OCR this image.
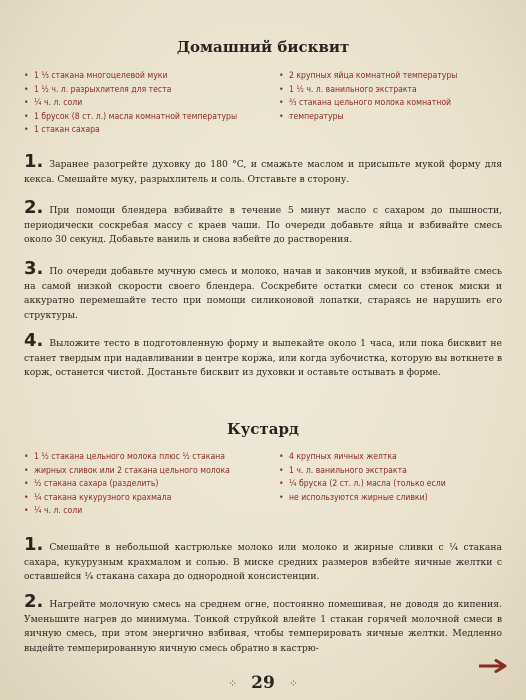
Домашний бисквит
• 1 ⅓ стакана многоцелевой муки
• 1 ½ ч. л. разрыхлителя для теста
• ¼ ч. л. соли
• 1 брусок (8 ст. л.) масла комнатной температуры
• 1 стакан сахара
• 2 крупных яйца комнатной температуры
• 1 ½ ч. л. ванильного экстракта
• ⅔ стакана цельного молока комнатной
• температуры

1. Заранее разогрейте духовку до 180 °C, и смажьте маслом и присыпьте мукой форму для кекса. Смешайте муку, разрыхлитель и соль. Отставьте в сторону.

2. При помощи блендера взбивайте в течение 5 минут масло с сахаром до пышности, периодически соскребая массу с краев чаши. По очереди добавьте яйца и взбивайте смесь около 30 секунд. Добавьте ваниль и снова взбейте до растворения.

3. По очереди добавьте мучную смесь и молоко, начав и закончив мукой, и взбивайте смесь на самой низкой скорости своего блендера. Соскребите остатки смеси со стенок миски и аккуратно перемешайте тесто при помощи силиконовой лопатки, стараясь не нарушить его структуры.

4. Выложите тесто в подготовленную форму и выпекайте около 1 часа, или пока бисквит не станет твердым при надавливании в центре коржа, или когда зубочистка, которую вы воткнете в корж, останется чистой. Достаньте бисквит из духовки и оставьте остывать в форме.

Кустард
• 1 ½ стакана цельного молока плюс ½ стакана
• жирных сливок или 2 стакана цельного молока
• ½ стакана сахара (разделить)
• ¼ стакана кукурузного крахмала
• ¼ ч. л. соли
• 4 крупных яичных желтка
• 1 ч. л. ванильного экстракта
• ¼ бруска (2 ст. л.) масла (только если
• не используются жирные сливки)

1. Смешайте в небольшой кастрюльке молоко или молоко и жирные сливки с ¼ стакана сахара, кукурузным крахмалом и солью. В миске средних размеров взбейте яичные желтки с оставшейся ¼ стакана сахара до однородной консистенции.

2. Нагрейте молочную смесь на среднем огне, постоянно помешивая, не доводя до кипения. Уменьшите нагрев до минимума. Тонкой струйкой влейте 1 стакан горячей молочной смеси в яичную смесь, при этом энергично взбивая, чтобы темперировать яичные желтки. Медленно выдейте темперированную яичную смесь обратно в кастрю-

⁘ 29 ⁘
